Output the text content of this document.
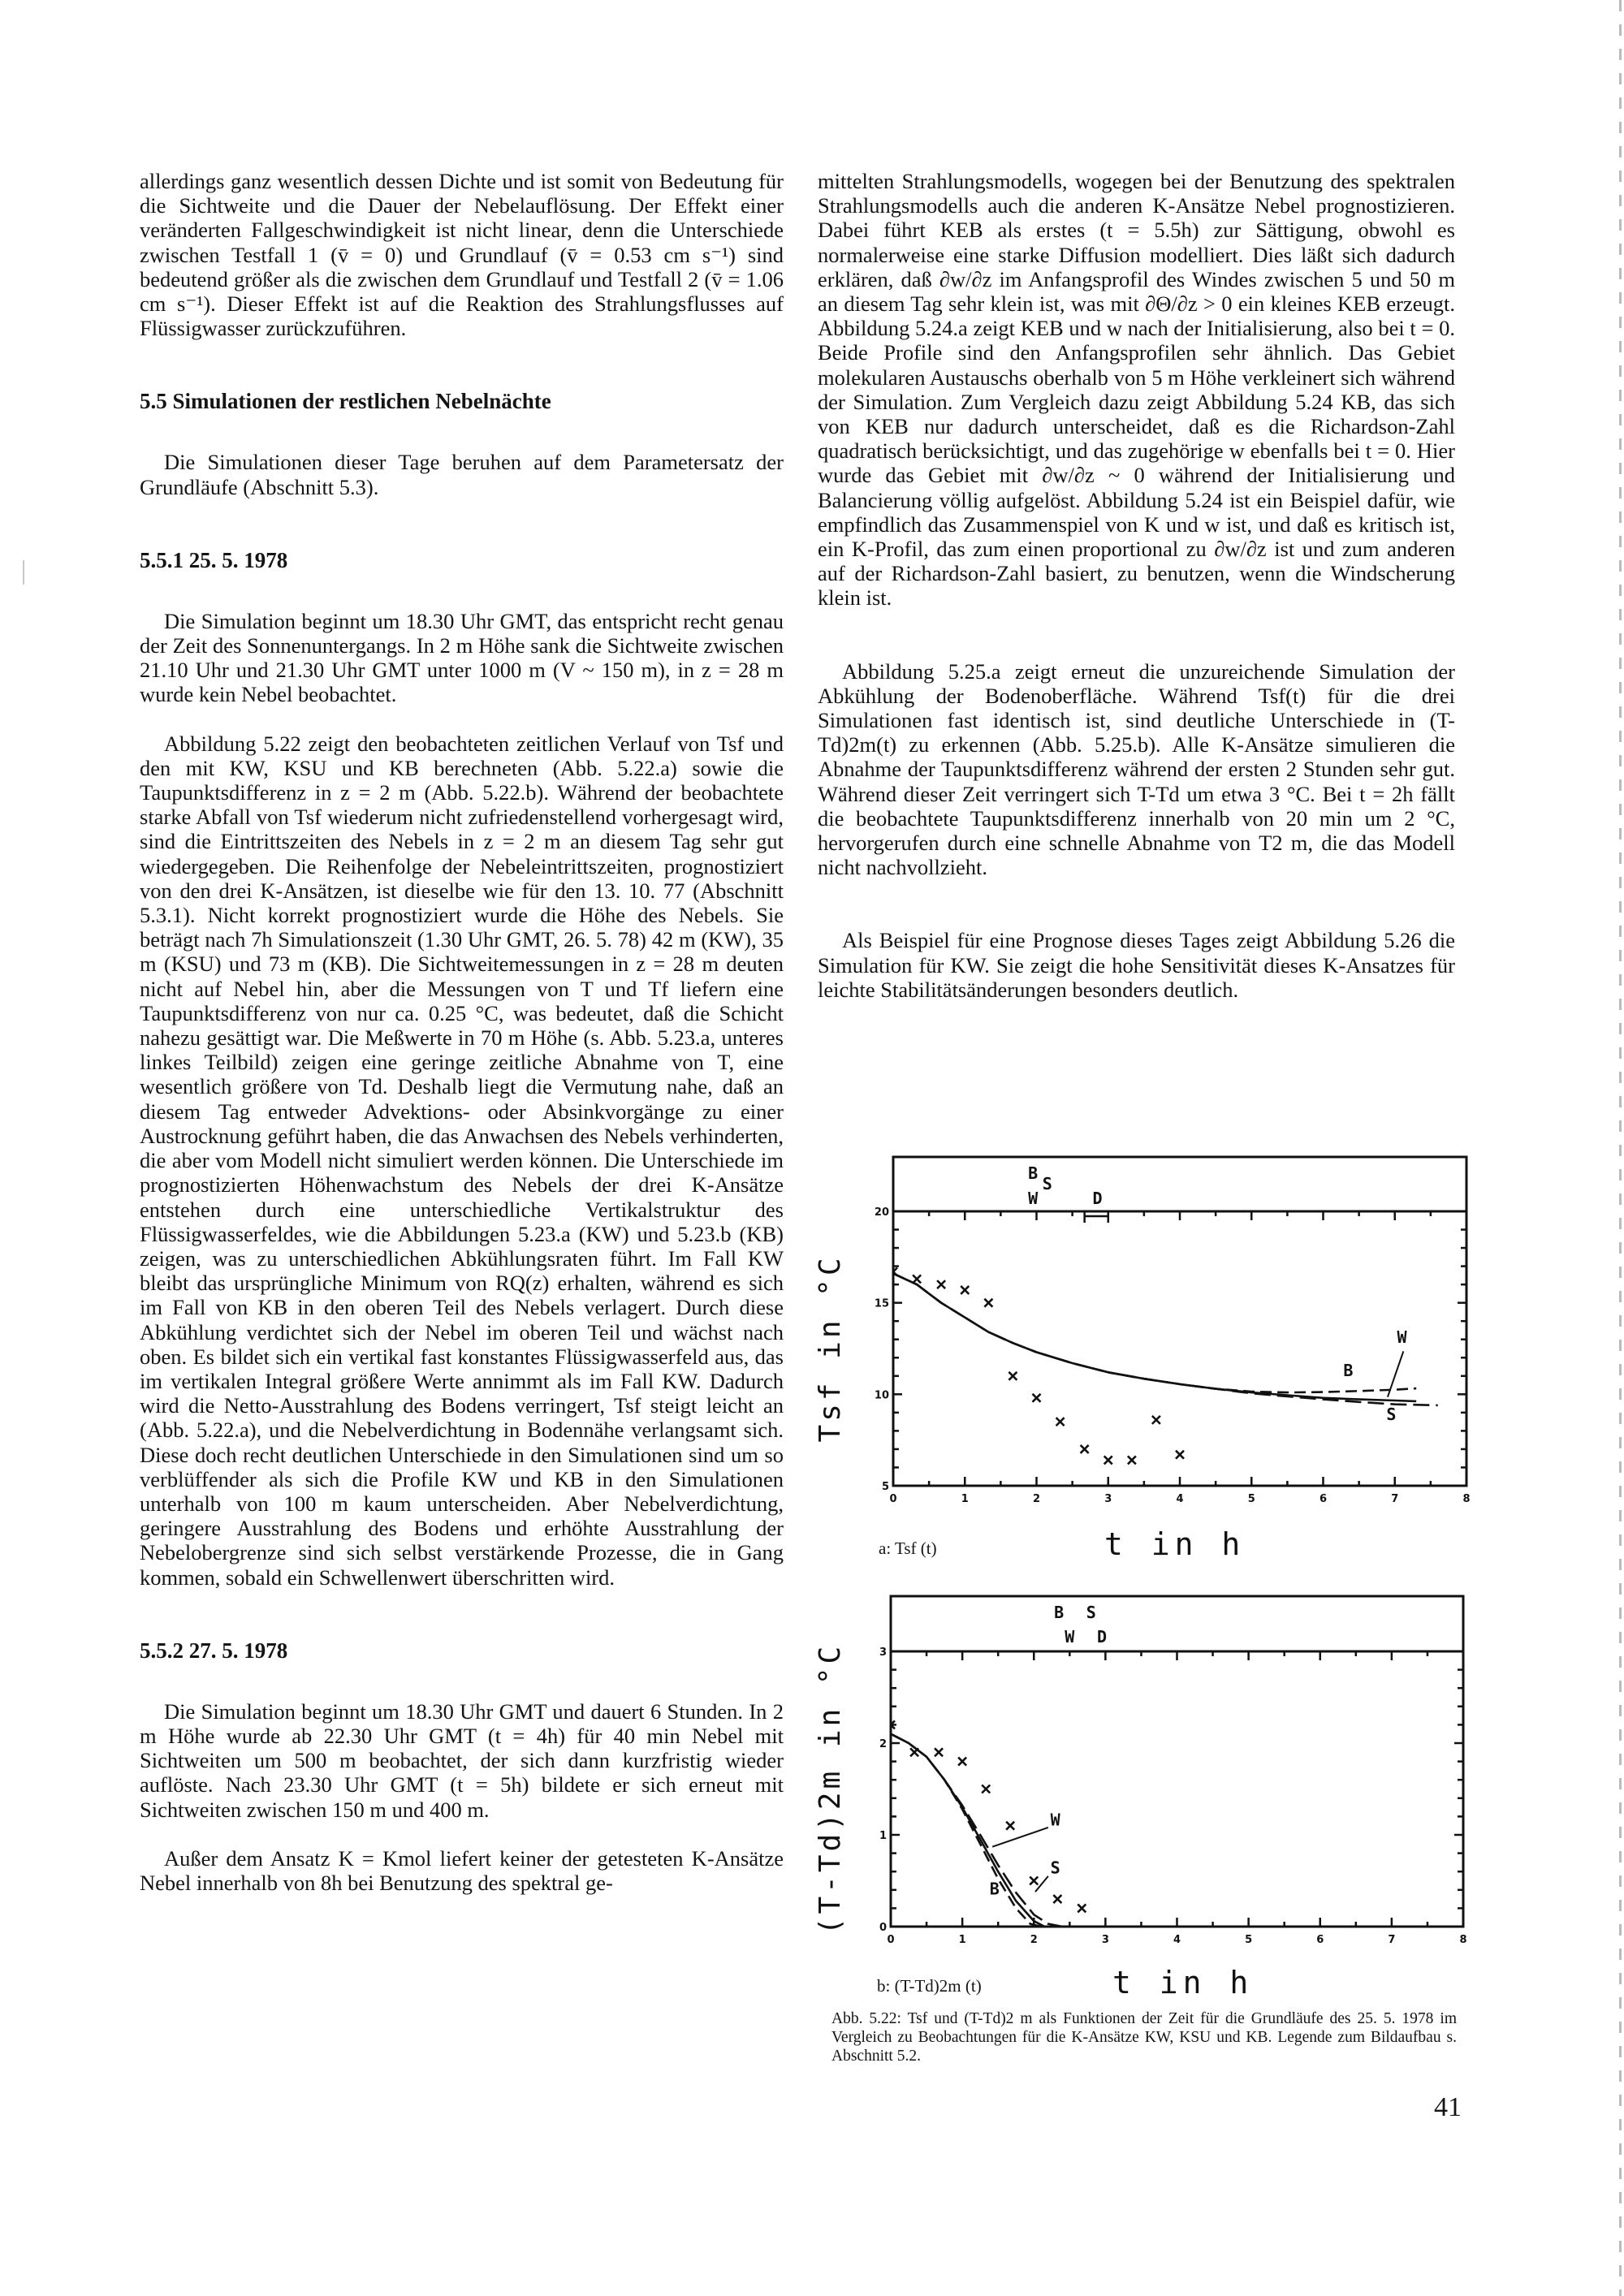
allerdings ganz wesentlich dessen Dichte und ist somit von Bedeutung für die Sichtweite und die Dauer der Nebelauflösung. Der Effekt einer veränderten Fallgeschwindigkeit ist nicht linear, denn die Unterschiede zwischen Testfall 1 (v̄ = 0) und Grundlauf (v̄ = 0.53 cm s⁻¹) sind bedeutend größer als die zwischen dem Grundlauf und Testfall 2 (v̄ = 1.06 cm s⁻¹). Dieser Effekt ist auf die Reaktion des Strahlungsflusses auf Flüssigwasser zurückzuführen.

5.5 Simulationen der restlichen Nebelnächte

Die Simulationen dieser Tage beruhen auf dem Parametersatz der Grundläufe (Abschnitt 5.3).

5.5.1 25. 5. 1978

Die Simulation beginnt um 18.30 Uhr GMT, das entspricht recht genau der Zeit des Sonnenuntergangs. In 2 m Höhe sank die Sichtweite zwischen 21.10 Uhr und 21.30 Uhr GMT unter 1000 m (V ~ 150 m), in z = 28 m wurde kein Nebel beobachtet.

Abbildung 5.22 zeigt den beobachteten zeitlichen Verlauf von Tsf und den mit KW, KSU und KB berechneten (Abb. 5.22.a) sowie die Taupunktsdifferenz in z = 2 m (Abb. 5.22.b). Während der beobachtete starke Abfall von Tsf wiederum nicht zufriedenstellend vorhergesagt wird, sind die Eintrittszeiten des Nebels in z = 2 m an diesem Tag sehr gut wiedergegeben. Die Reihenfolge der Nebeleintrittszeiten, prognostiziert von den drei K-Ansätzen, ist dieselbe wie für den 13. 10. 77 (Abschnitt 5.3.1). Nicht korrekt prognostiziert wurde die Höhe des Nebels. Sie beträgt nach 7h Simulationszeit (1.30 Uhr GMT, 26. 5. 78) 42 m (KW), 35 m (KSU) und 73 m (KB). Die Sichtweitemessungen in z = 28 m deuten nicht auf Nebel hin, aber die Messungen von T und Tf liefern eine Taupunktsdifferenz von nur ca. 0.25 °C, was bedeutet, daß die Schicht nahezu gesättigt war. Die Meßwerte in 70 m Höhe (s. Abb. 5.23.a, unteres linkes Teilbild) zeigen eine geringe zeitliche Abnahme von T, eine wesentlich größere von Td. Deshalb liegt die Vermutung nahe, daß an diesem Tag entweder Advektions- oder Absinkvorgänge zu einer Austrocknung geführt haben, die das Anwachsen des Nebels verhinderten, die aber vom Modell nicht simuliert werden können. Die Unterschiede im prognostizierten Höhenwachstum des Nebels der drei K-Ansätze entstehen durch eine unterschiedliche Vertikalstruktur des Flüssigwasserfeldes, wie die Abbildungen 5.23.a (KW) und 5.23.b (KB) zeigen, was zu unterschiedlichen Abkühlungsraten führt. Im Fall KW bleibt das ursprüngliche Minimum von RQ(z) erhalten, während es sich im Fall von KB in den oberen Teil des Nebels verlagert. Durch diese Abkühlung verdichtet sich der Nebel im oberen Teil und wächst nach oben. Es bildet sich ein vertikal fast konstantes Flüssigwasserfeld aus, das im vertikalen Integral größere Werte annimmt als im Fall KW. Dadurch wird die Netto-Ausstrahlung des Bodens verringert, Tsf steigt leicht an (Abb. 5.22.a), und die Nebelverdichtung in Bodennähe verlangsamt sich. Diese doch recht deutlichen Unterschiede in den Simulationen sind um so verblüffender als sich die Profile KW und KB in den Simulationen unterhalb von 100 m kaum unterscheiden. Aber Nebelverdichtung, geringere Ausstrahlung des Bodens und erhöhte Ausstrahlung der Nebelobergrenze sind sich selbst verstärkende Prozesse, die in Gang kommen, sobald ein Schwellenwert überschritten wird.

5.5.2 27. 5. 1978

Die Simulation beginnt um 18.30 Uhr GMT und dauert 6 Stunden. In 2 m Höhe wurde ab 22.30 Uhr GMT (t = 4h) für 40 min Nebel mit Sichtweiten um 500 m beobachtet, der sich dann kurzfristig wieder auflöste. Nach 23.30 Uhr GMT (t = 5h) bildete er sich erneut mit Sichtweiten zwischen 150 m und 400 m.

Außer dem Ansatz K = Kmol liefert keiner der getesteten K-Ansätze Nebel innerhalb von 8h bei Benutzung des spektral ge-

mittelten Strahlungsmodells, wogegen bei der Benutzung des spektralen Strahlungsmodells auch die anderen K-Ansätze Nebel prognostizieren. Dabei führt KEB als erstes (t = 5.5h) zur Sättigung, obwohl es normalerweise eine starke Diffusion modelliert. Dies läßt sich dadurch erklären, daß ∂w/∂z im Anfangsprofil des Windes zwischen 5 und 50 m an diesem Tag sehr klein ist, was mit ∂Θ/∂z > 0 ein kleines KEB erzeugt. Abbildung 5.24.a zeigt KEB und w nach der Initialisierung, also bei t = 0. Beide Profile sind den Anfangsprofilen sehr ähnlich. Das Gebiet molekularen Austauschs oberhalb von 5 m Höhe verkleinert sich während der Simulation. Zum Vergleich dazu zeigt Abbildung 5.24 KB, das sich von KEB nur dadurch unterscheidet, daß es die Richardson-Zahl quadratisch berücksichtigt, und das zugehörige w ebenfalls bei t = 0. Hier wurde das Gebiet mit ∂w/∂z ~ 0 während der Initialisierung und Balancierung völlig aufgelöst. Abbildung 5.24 ist ein Beispiel dafür, wie empfindlich das Zusammenspiel von K und w ist, und daß es kritisch ist, ein K-Profil, das zum einen proportional zu ∂w/∂z ist und zum anderen auf der Richardson-Zahl basiert, zu benutzen, wenn die Windscherung klein ist.

Abbildung 5.25.a zeigt erneut die unzureichende Simulation der Abkühlung der Bodenoberfläche. Während Tsf(t) für die drei Simulationen fast identisch ist, sind deutliche Unterschiede in (T-Td)2m(t) zu erkennen (Abb. 5.25.b). Alle K-Ansätze simulieren die Abnahme der Taupunktsdifferenz während der ersten 2 Stunden sehr gut. Während dieser Zeit verringert sich T-Td um etwa 3 °C. Bei t = 2h fällt die beobachtete Taupunktsdifferenz innerhalb von 20 min um 2 °C, hervorgerufen durch eine schnelle Abnahme von T2 m, die das Modell nicht nachvollzieht.

Als Beispiel für eine Prognose dieses Tages zeigt Abbildung 5.26 die Simulation für KW. Sie zeigt die hohe Sensitivität dieses K-Ansatzes für leichte Stabilitätsänderungen besonders deutlich.

0	1	2	3	4	5	6	7	8
5
10
15
20
Tsf in °C	W
B
S
B
S
W	D
a: Tsf (t)	t in h
0	1	2	3	4	5	6	7	8
0
1
2
3
(T-Td)2m in °C	W
S
B
B S
W D
b: (T-Td)2m (t)	t in h
Abb. 5.22: Tsf und (T-Td)2 m als Funktionen der Zeit für die Grundläufe des 25. 5. 1978 im Vergleich zu Beobachtungen für die K-Ansätze KW, KSU und KB. Legende zum Bildaufbau s. Abschnitt 5.2.
41
